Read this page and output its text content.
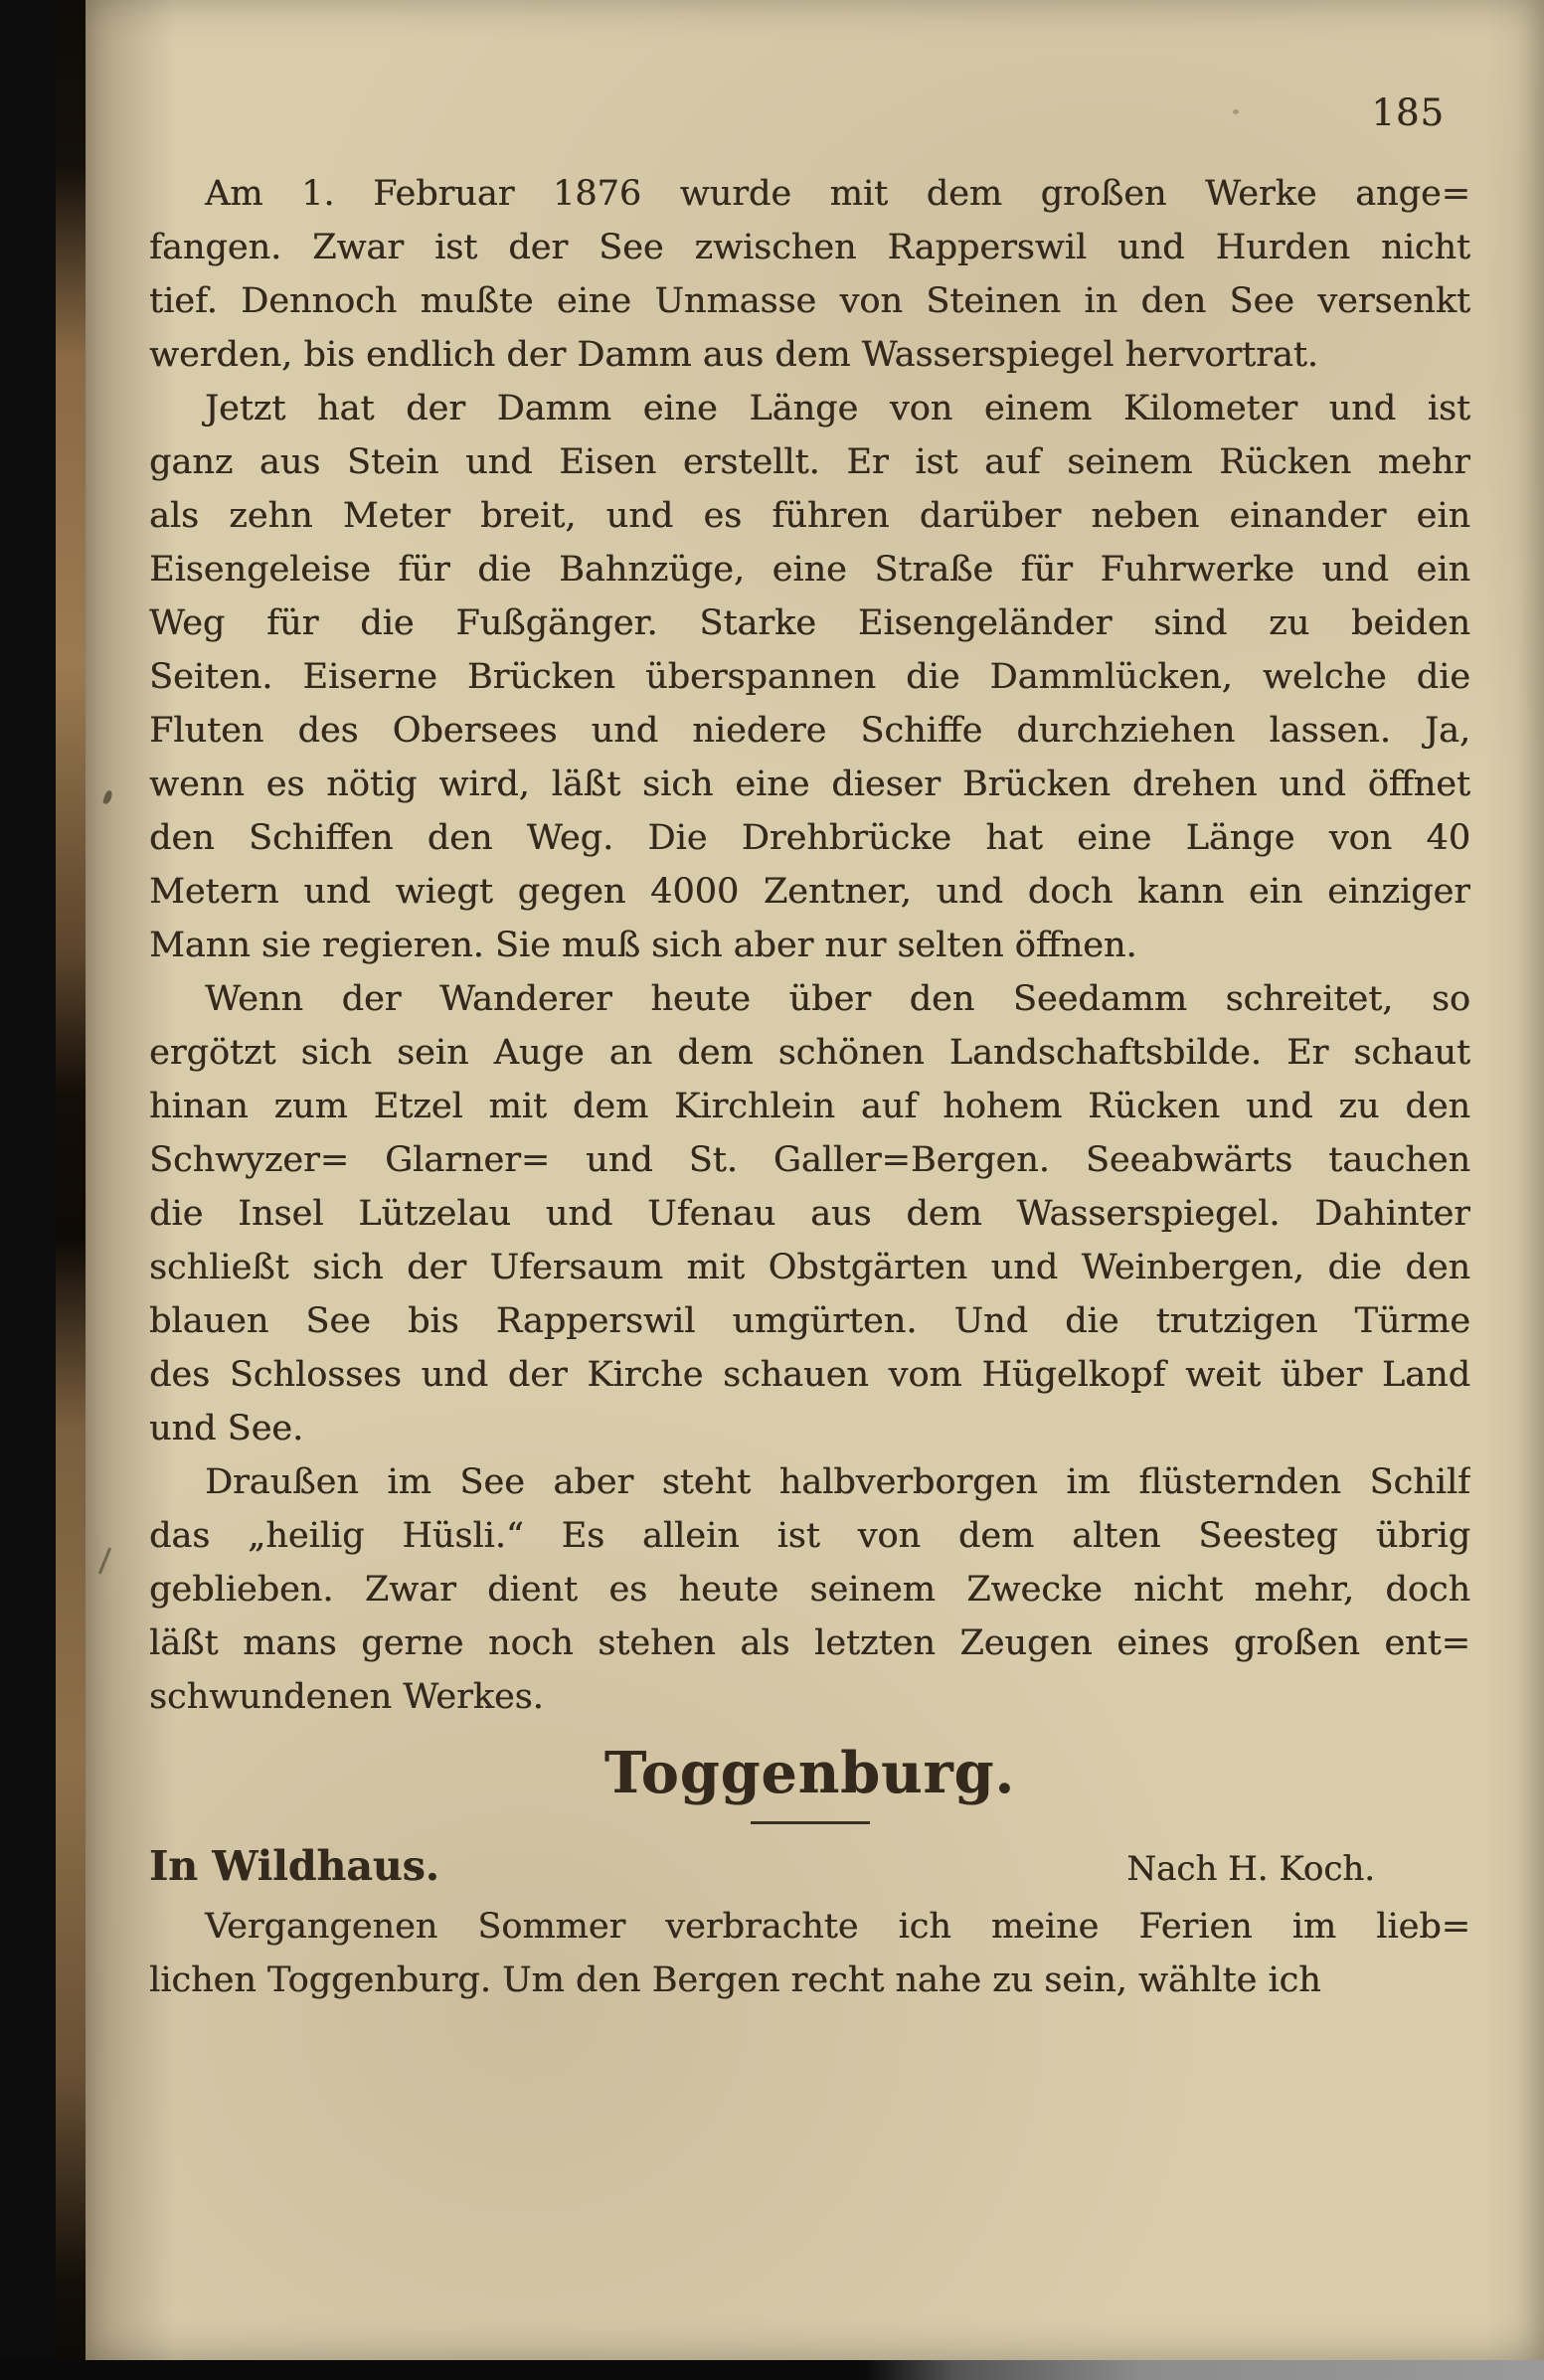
185
Am 1. Februar 1876 wurde mit dem großen Werke ange=
fangen. Zwar ist der See zwischen Rapperswil und Hurden nicht
tief. Dennoch mußte eine Unmasse von Steinen in den See versenkt
werden, bis endlich der Damm aus dem Wasserspiegel hervortrat.
Jetzt hat der Damm eine Länge von einem Kilometer und ist
ganz aus Stein und Eisen erstellt. Er ist auf seinem Rücken mehr
als zehn Meter breit, und es führen darüber neben einander ein
Eisengeleise für die Bahnzüge, eine Straße für Fuhrwerke und ein
Weg für die Fußgänger. Starke Eisengeländer sind zu beiden
Seiten. Eiserne Brücken überspannen die Dammlücken, welche die
Fluten des Obersees und niedere Schiffe durchziehen lassen. Ja,
wenn es nötig wird, läßt sich eine dieser Brücken drehen und öffnet
den Schiffen den Weg. Die Drehbrücke hat eine Länge von 40
Metern und wiegt gegen 4000 Zentner, und doch kann ein einziger
Mann sie regieren. Sie muß sich aber nur selten öffnen.
Wenn der Wanderer heute über den Seedamm schreitet, so
ergötzt sich sein Auge an dem schönen Landschaftsbilde. Er schaut
hinan zum Etzel mit dem Kirchlein auf hohem Rücken und zu den
Schwyzer= Glarner= und St. Galler=Bergen. Seeabwärts tauchen
die Insel Lützelau und Ufenau aus dem Wasserspiegel. Dahinter
schließt sich der Ufersaum mit Obstgärten und Weinbergen, die den
blauen See bis Rapperswil umgürten. Und die trutzigen Türme
des Schlosses und der Kirche schauen vom Hügelkopf weit über Land
und See.
Draußen im See aber steht halbverborgen im flüsternden Schilf
das „heilig Hüsli.“ Es allein ist von dem alten Seesteg übrig
geblieben. Zwar dient es heute seinem Zwecke nicht mehr, doch
läßt mans gerne noch stehen als letzten Zeugen eines großen ent=
schwundenen Werkes.
Toggenburg.
In Wildhaus.	Nach H. Koch.
Vergangenen Sommer verbrachte ich meine Ferien im lieb=
lichen Toggenburg. Um den Bergen recht nahe zu sein, wählte ich
